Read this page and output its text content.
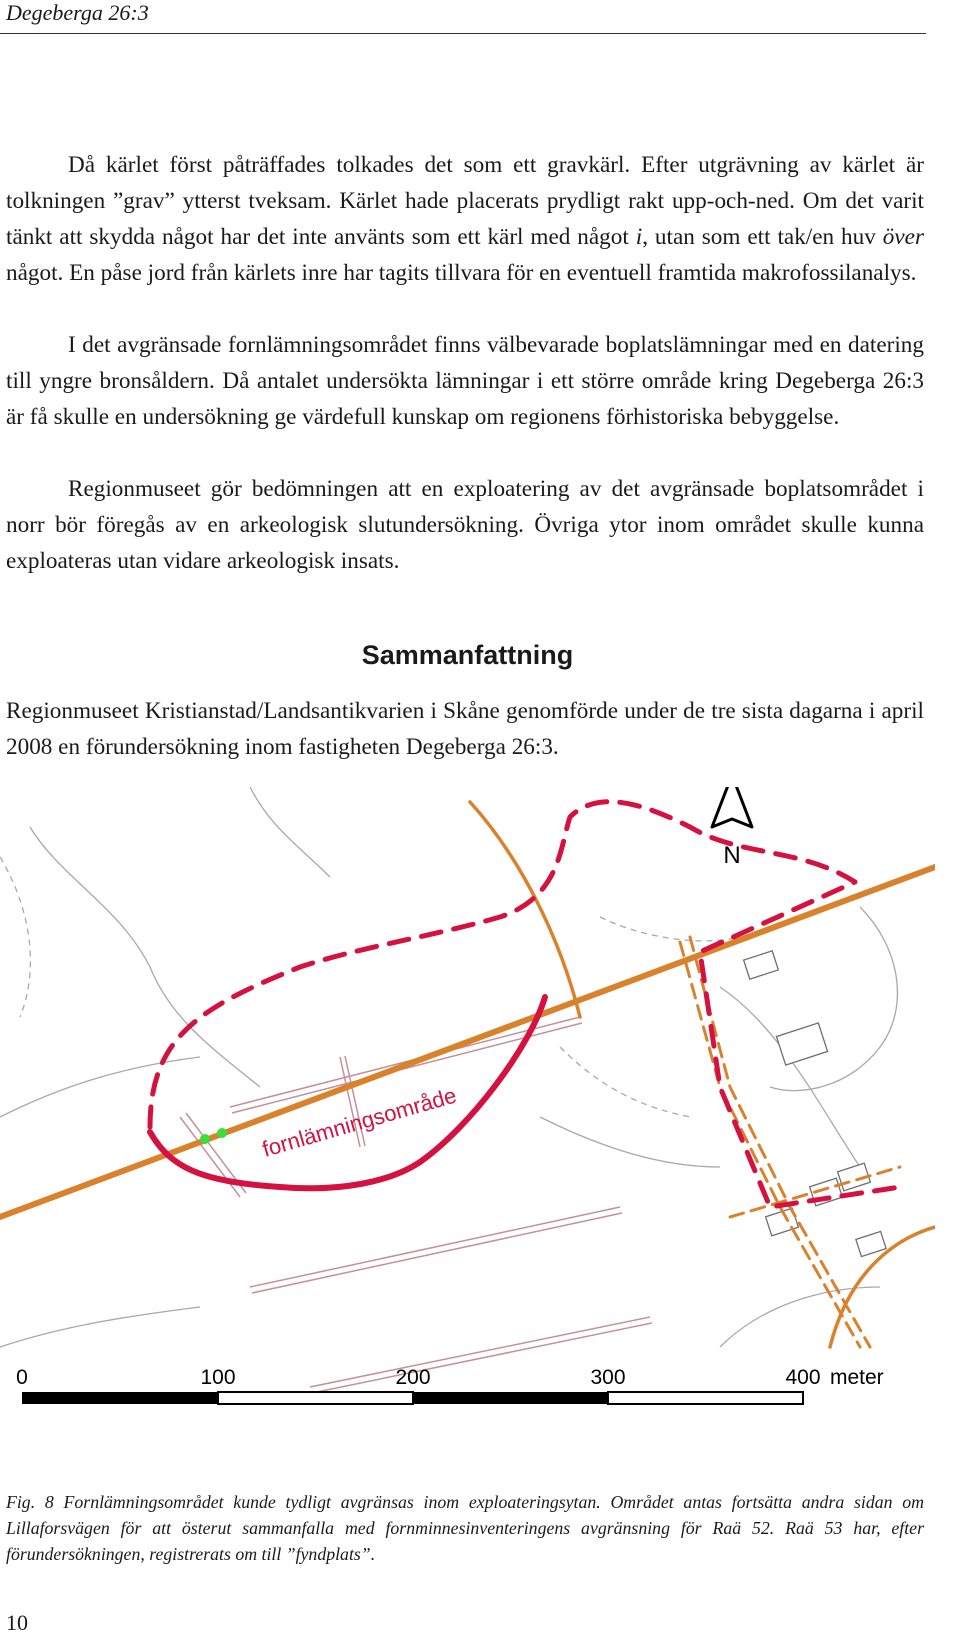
Degeberga 26:3

Då kärlet först påträffades tolkades det som ett gravkärl. Efter utgrävning av kärlet är tolkningen ”grav” ytterst tveksam. Kärlet hade placerats prydligt rakt upp-och-ned. Om det varit tänkt att skydda något har det inte använts som ett kärl med något i, utan som ett tak/en huv över något. En påse jord från kärlets inre har tagits tillvara för en eventuell framtida makrofossilanalys.

I det avgränsade fornlämningsområdet finns välbevarade boplatslämningar med en datering till yngre bronsåldern. Då antalet undersökta lämningar i ett större område kring Degeberga 26:3 är få skulle en undersökning ge värdefull kunskap om regionens förhistoriska bebyggelse.

Regionmuseet gör bedömningen att en exploatering av det avgränsade boplatsområdet i norr bör föregås av en arkeologisk slutundersökning. Övriga ytor inom området skulle kunna exploateras utan vidare arkeologisk insats.

Sammanfattning

Regionmuseet Kristianstad/Landsantikvarien i Skåne genomförde under de tre sista dagarna i april 2008 en förundersökning inom fastigheten Degeberga 26:3.

fornlämningsområde
N
0	100	200	300	400 meter

Fig. 8 Fornlämningsområdet kunde tydligt avgränsas inom exploateringsytan. Området antas fortsätta andra sidan om Lillaforsvägen för att österut sammanfalla med fornminnesinventeringens avgränsning för Raä 52. Raä 53 har, efter förundersökningen, registrerats om till ”fyndplats”.

10
